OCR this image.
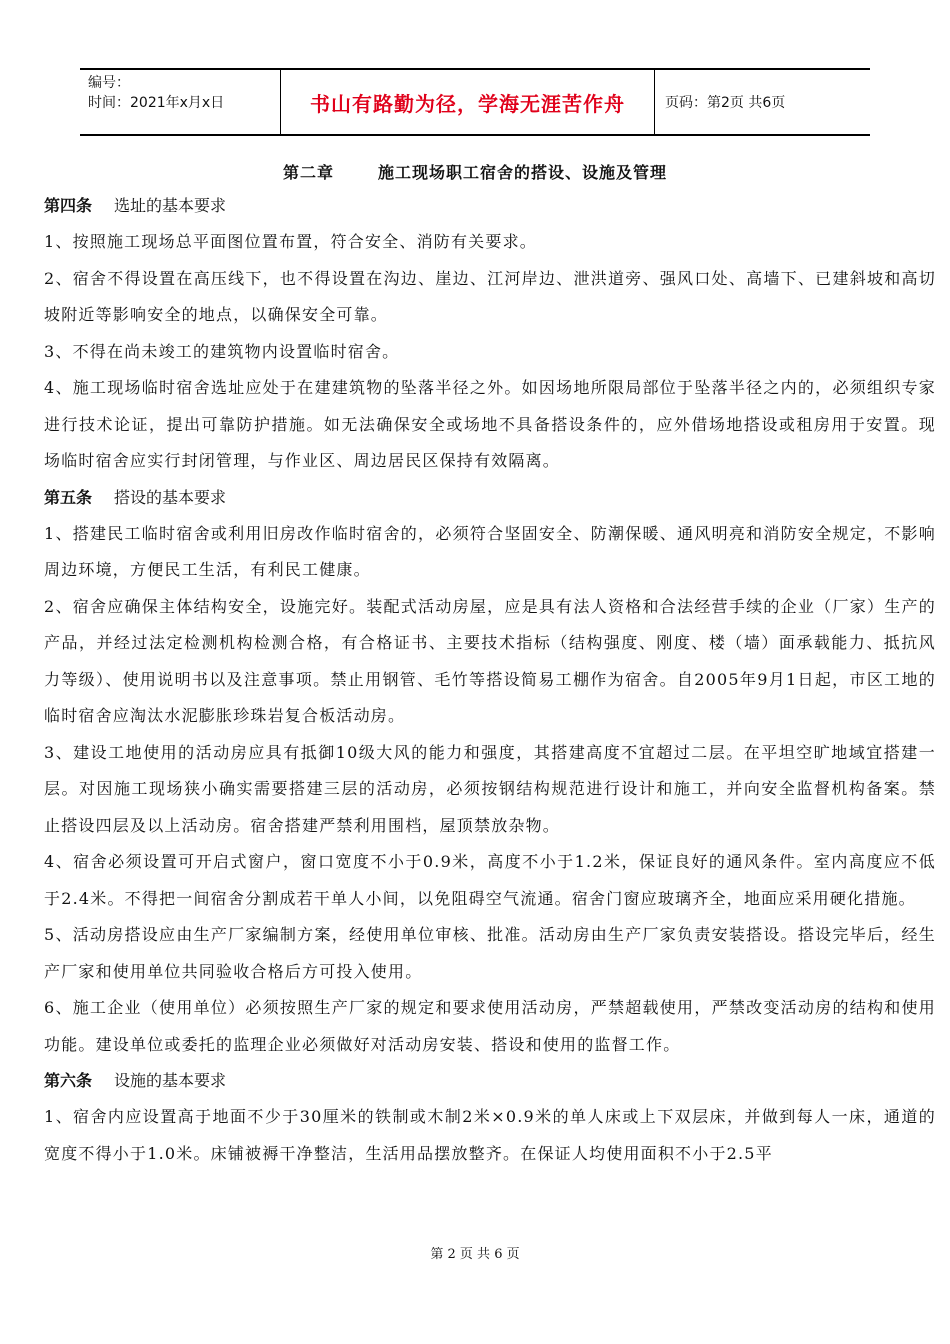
编号：
时间：2021年x月x日	书山有路勤为径，学海无涯苦作舟	页码：第2页 共6页
第二章	施工现场职工宿舍的搭设、设施及管理
第四条 选址的基本要求

1、按照施工现场总平面图位置布置，符合安全、消防有关要求。

2、宿舍不得设置在高压线下，也不得设置在沟边、崖边、江河岸边、泄洪道旁、强风口处、高墙下、已建斜坡和高切坡附近等影响安全的地点，以确保安全可靠。

3、不得在尚未竣工的建筑物内设置临时宿舍。

4、施工现场临时宿舍选址应处于在建建筑物的坠落半径之外。如因场地所限局部位于坠落半径之内的，必须组织专家进行技术论证，提出可靠防护措施。如无法确保安全或场地不具备搭设条件的，应外借场地搭设或租房用于安置。现场临时宿舍应实行封闭管理，与作业区、周边居民区保持有效隔离。

第五条 搭设的基本要求

1、搭建民工临时宿舍或利用旧房改作临时宿舍的，必须符合坚固安全、防潮保暖、通风明亮和消防安全规定，不影响周边环境，方便民工生活，有利民工健康。

2、宿舍应确保主体结构安全，设施完好。装配式活动房屋，应是具有法人资格和合法经营手续的企业（厂家）生产的产品，并经过法定检测机构检测合格，有合格证书、主要技术指标（结构强度、刚度、楼（墙）面承载能力、抵抗风力等级）、使用说明书以及注意事项。禁止用钢管、毛竹等搭设简易工棚作为宿舍。自2005年9月1日起，市区工地的临时宿舍应淘汰水泥膨胀珍珠岩复合板活动房。

3、建设工地使用的活动房应具有抵御10级大风的能力和强度，其搭建高度不宜超过二层。在平坦空旷地域宜搭建一层。对因施工现场狭小确实需要搭建三层的活动房，必须按钢结构规范进行设计和施工，并向安全监督机构备案。禁止搭设四层及以上活动房。宿舍搭建严禁利用围档，屋顶禁放杂物。

4、宿舍必须设置可开启式窗户，窗口宽度不小于0.9米，高度不小于1.2米，保证良好的通风条件。室内高度应不低于2.4米。不得把一间宿舍分割成若干单人小间，以免阻碍空气流通。宿舍门窗应玻璃齐全，地面应采用硬化措施。

5、活动房搭设应由生产厂家编制方案，经使用单位审核、批准。活动房由生产厂家负责安装搭设。搭设完毕后，经生产厂家和使用单位共同验收合格后方可投入使用。

6、施工企业（使用单位）必须按照生产厂家的规定和要求使用活动房，严禁超载使用，严禁改变活动房的结构和使用功能。建设单位或委托的监理企业必须做好对活动房安装、搭设和使用的监督工作。

第六条 设施的基本要求

1、宿舍内应设置高于地面不少于30厘米的铁制或木制2米×0.9米的单人床或上下双层床，并做到每人一床，通道的宽度不得小于1.0米。床铺被褥干净整洁，生活用品摆放整齐。在保证人均使用面积不小于2.5平

第 2 页 共 6 页
